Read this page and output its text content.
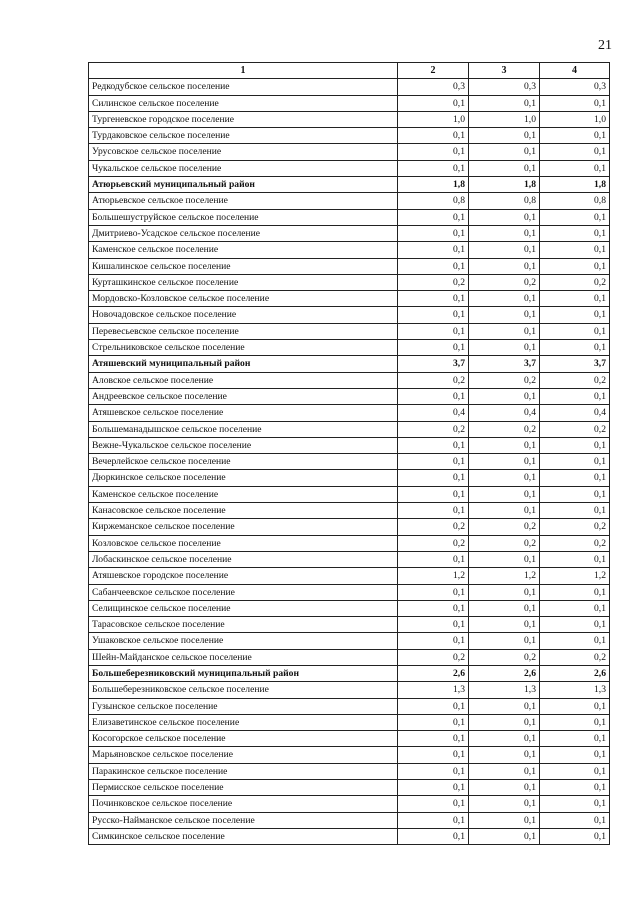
21
1	2	3	4
Редкодубское сельское поселение	0,3	0,3	0,3
Силинское сельское поселение	0,1	0,1	0,1
Тургеневское городское поселение	1,0	1,0	1,0
Турдаковское сельское поселение	0,1	0,1	0,1
Урусовское сельское поселение	0,1	0,1	0,1
Чукальское сельское поселение	0,1	0,1	0,1
Атюрьевский муниципальный район	1,8	1,8	1,8
Атюрьевское сельское поселение	0,8	0,8	0,8
Большешуструйское сельское поселение	0,1	0,1	0,1
Дмитриево-Усадское сельское поселение	0,1	0,1	0,1
Каменское сельское поселение	0,1	0,1	0,1
Кишалинское сельское поселение	0,1	0,1	0,1
Курташкинское сельское поселение	0,2	0,2	0,2
Мордовско-Козловское сельское поселение	0,1	0,1	0,1
Новочадовское сельское поселение	0,1	0,1	0,1
Перевесьевское сельское поселение	0,1	0,1	0,1
Стрельниковское сельское поселение	0,1	0,1	0,1
Атяшевский муниципальный район	3,7	3,7	3,7
Аловское сельское поселение	0,2	0,2	0,2
Андреевское сельское поселение	0,1	0,1	0,1
Атяшевское сельское поселение	0,4	0,4	0,4
Большеманадышское сельское поселение	0,2	0,2	0,2
Вежне-Чукальское сельское поселение	0,1	0,1	0,1
Вечерлейское сельское поселение	0,1	0,1	0,1
Дюркинское сельское поселение	0,1	0,1	0,1
Каменское сельское поселение	0,1	0,1	0,1
Канасовское сельское поселение	0,1	0,1	0,1
Киржеманское сельское поселение	0,2	0,2	0,2
Козловское сельское поселение	0,2	0,2	0,2
Лобаскинское сельское поселение	0,1	0,1	0,1
Атяшевское городское поселение	1,2	1,2	1,2
Сабанчеевское сельское поселение	0,1	0,1	0,1
Селищинское сельское поселение	0,1	0,1	0,1
Тарасовское сельское поселение	0,1	0,1	0,1
Ушаковское сельское поселение	0,1	0,1	0,1
Шейн-Майданское сельское поселение	0,2	0,2	0,2
Большеберезниковский муниципальный район	2,6	2,6	2,6
Большеберезниковское сельское поселение	1,3	1,3	1,3
Гузынское сельское поселение	0,1	0,1	0,1
Елизаветинское сельское поселение	0,1	0,1	0,1
Косогорское сельское поселение	0,1	0,1	0,1
Марьяновское сельское поселение	0,1	0,1	0,1
Паракинское сельское поселение	0,1	0,1	0,1
Пермисское сельское поселение	0,1	0,1	0,1
Починковское сельское поселение	0,1	0,1	0,1
Русско-Найманское сельское поселение	0,1	0,1	0,1
Симкинское сельское поселение	0,1	0,1	0,1
